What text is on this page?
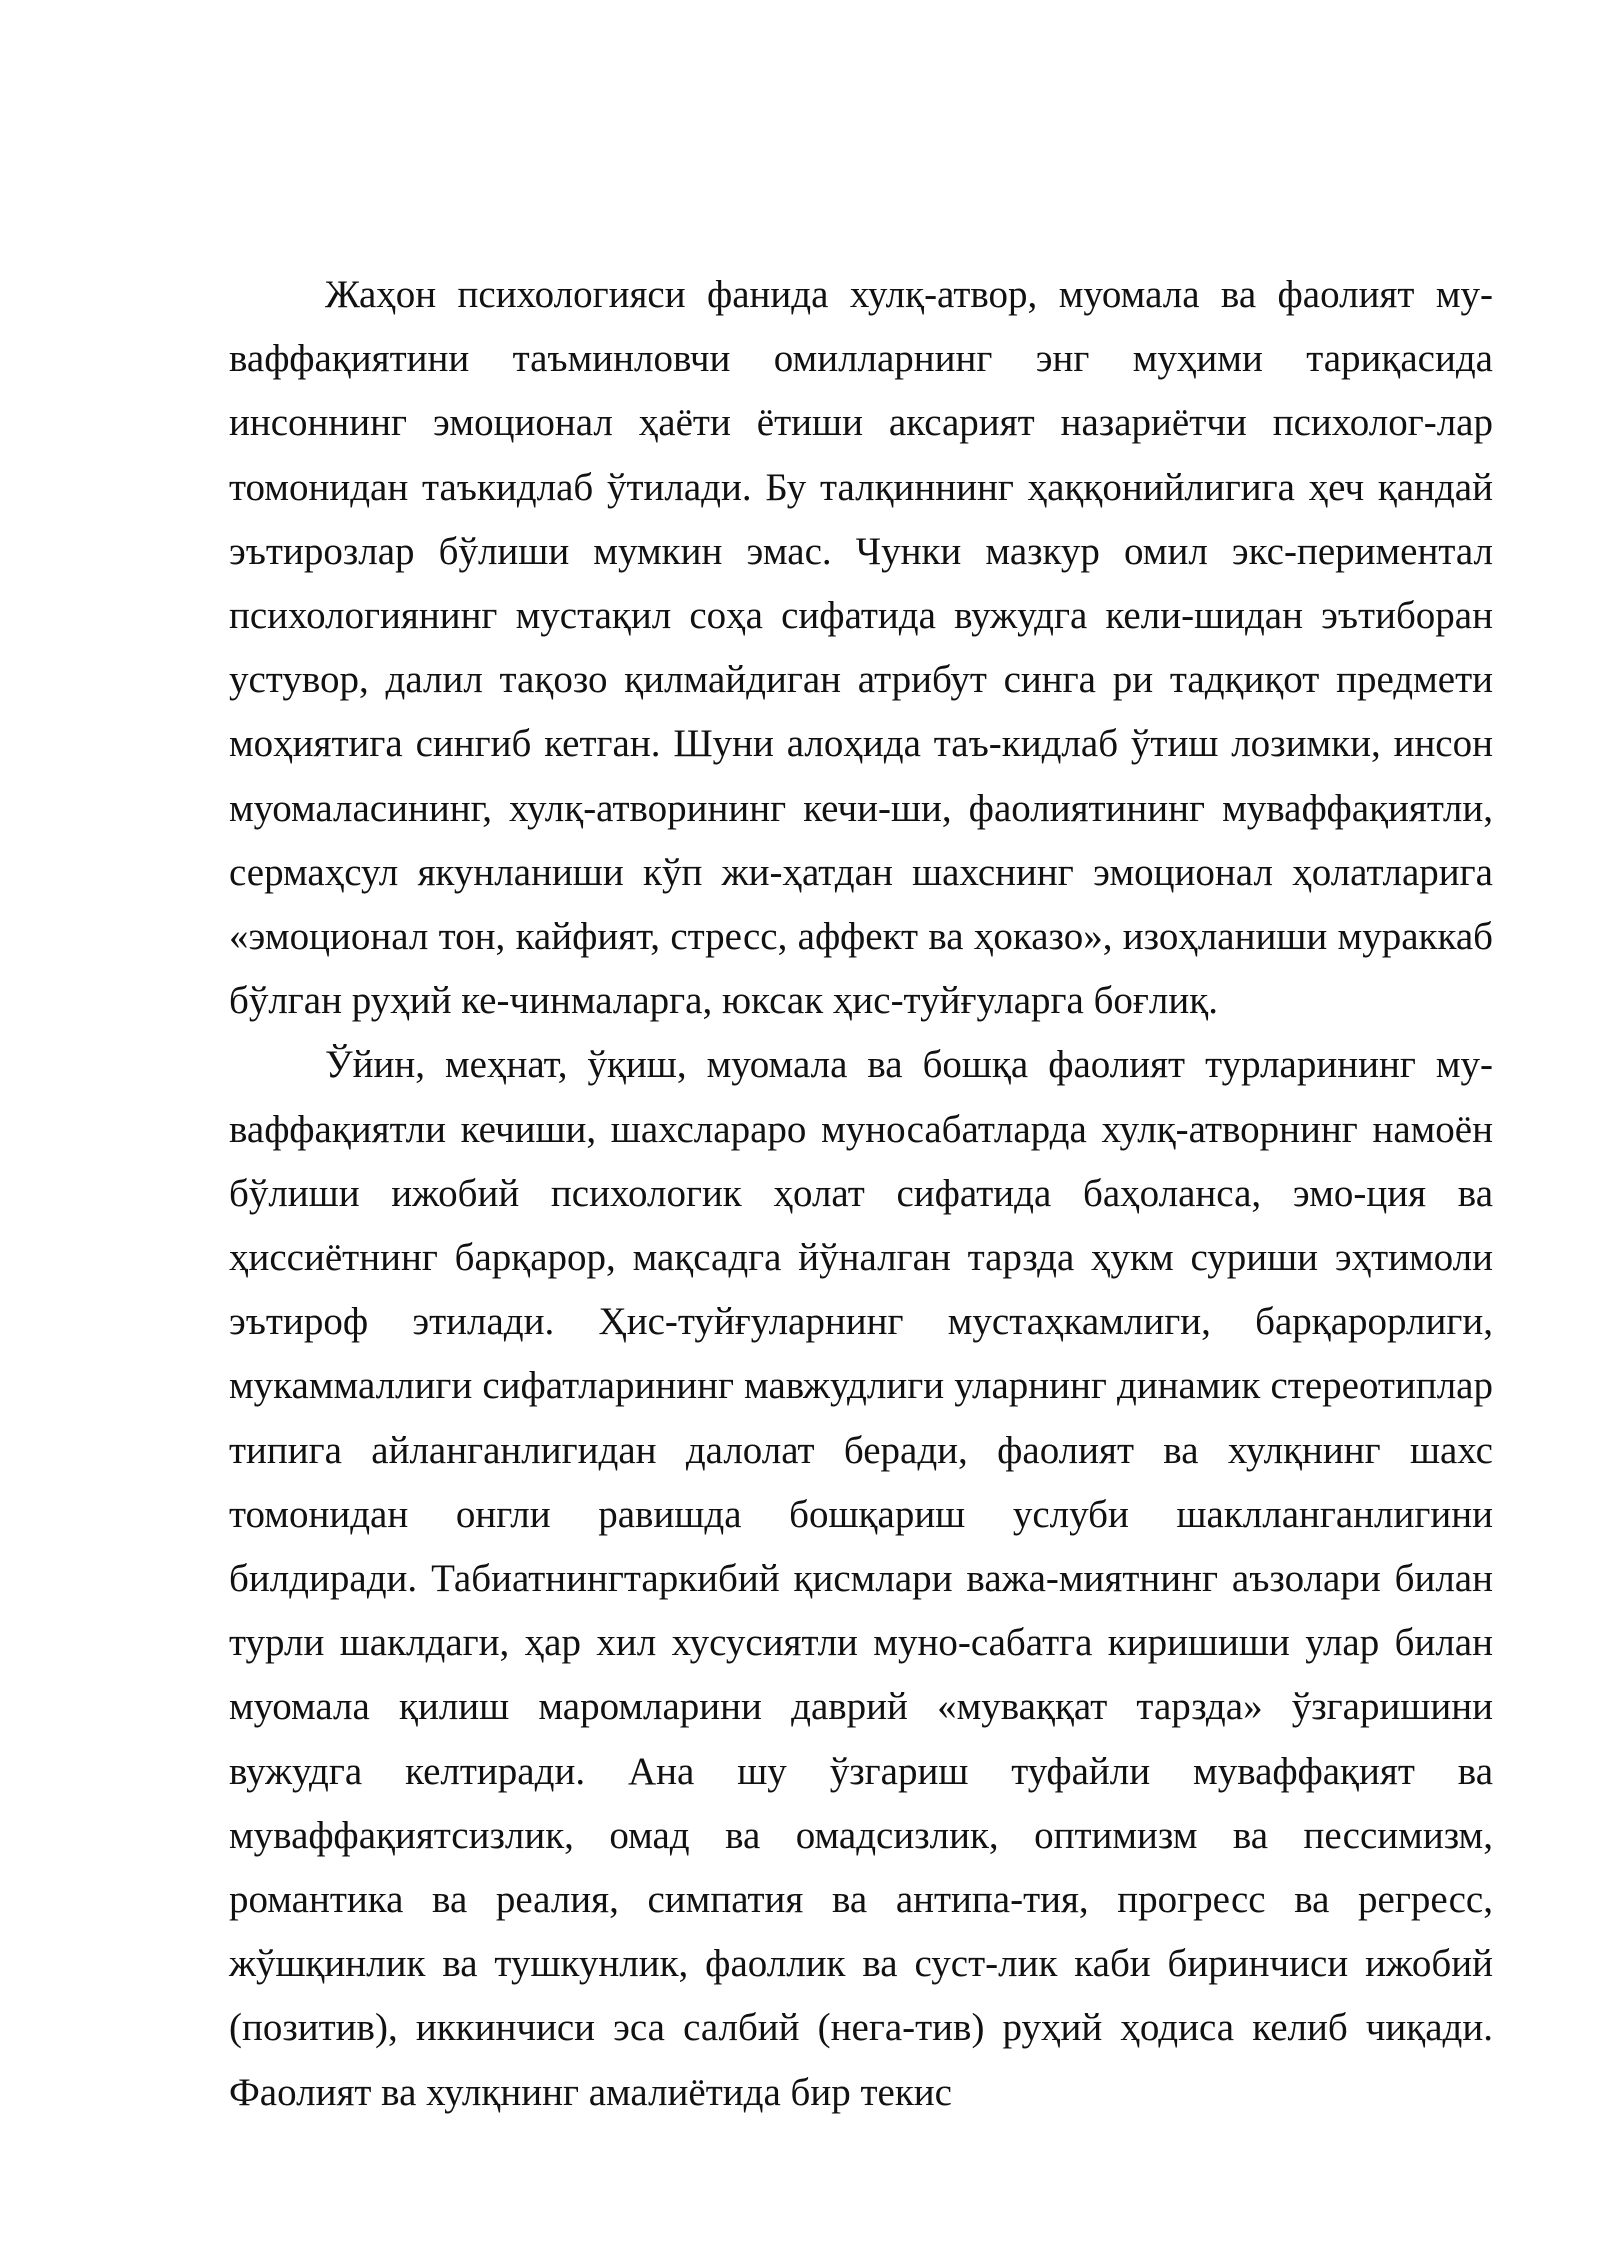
Жаҳон психологияси фанида хулқ-атвор, муомала ва фаолият му-ваффақиятини таъминловчи омилларнинг энг муҳими тариқасида инсоннинг эмоционал ҳаёти ётиши аксарият назариётчи психолог-лар томонидан таъкидлаб ўтилади. Бу талқиннинг ҳаққонийлигига ҳеч қандай эътирозлар бўлиши мумкин эмас. Чунки мазкур омил экс-периментал психологиянинг мустақил соҳа сифатида вужудга кели-шидан эътиборан устувор, далил тақозо қилмайдиган атрибут синга ри тадқиқот предмети моҳиятига сингиб кетган. Шуни алоҳида таъ-кидлаб ўтиш лозимки, инсон муомаласининг, хулқ-атворининг кечи-ши, фаолиятининг муваффақиятли, сермаҳсул якунланиши кўп жи-ҳатдан шахснинг эмоционал ҳолатларига «эмоционал тон, кайфият, стресс, аффект ва ҳоказо», изоҳланиши мураккаб бўлган руҳий ке-чинмаларга, юксак ҳис-туйғуларга боғлиқ.

Ўйин, меҳнат, ўқиш, муомала ва бошқа фаолият турларининг му-ваффақиятли кечиши, шахсларaро муносабатларда хулқ-атворнинг намоён бўлиши ижобий психологик ҳолат сифатида баҳоланса, эмо-ция ва ҳиссиётнинг барқарор, мақсадга йўналган тарзда ҳукм суриши эҳтимоли эътироф этилади. Ҳис-туйғуларнинг мустаҳкамлиги, барқарорлиги, мукаммаллиги сифатларининг мавжудлиги уларнинг динамик стереотиплар типига айланганлигидан далолат беради, фаолият ва хулқнинг шахс томонидан онгли равишда бошқариш услуби шаклланганлигини билдиради. Табиатнингтаркибий қисмлари важа-миятнинг аъзолари билан турли шаклдаги, ҳар хил хусусиятли муно-сабатга киришиши улар билан муомала қилиш маромларини даврий «муваққат тарзда» ўзгаришини вужудга келтиради. Ана шу ўзгариш туфайли муваффақият ва муваффақиятсизлик, омад ва омадсизлик, оптимизм ва пессимизм, романтика ва реалия, симпатия ва антипа-тия, прогресс ва регресс, жўшқинлик ва тушкунлик, фаоллик ва суст-лик каби биринчиси ижобий (позитив), иккинчиси эса салбий (нега-тив) руҳий ҳодиса келиб чиқади. Фаолият ва хулқнинг амалиётида бир текис
